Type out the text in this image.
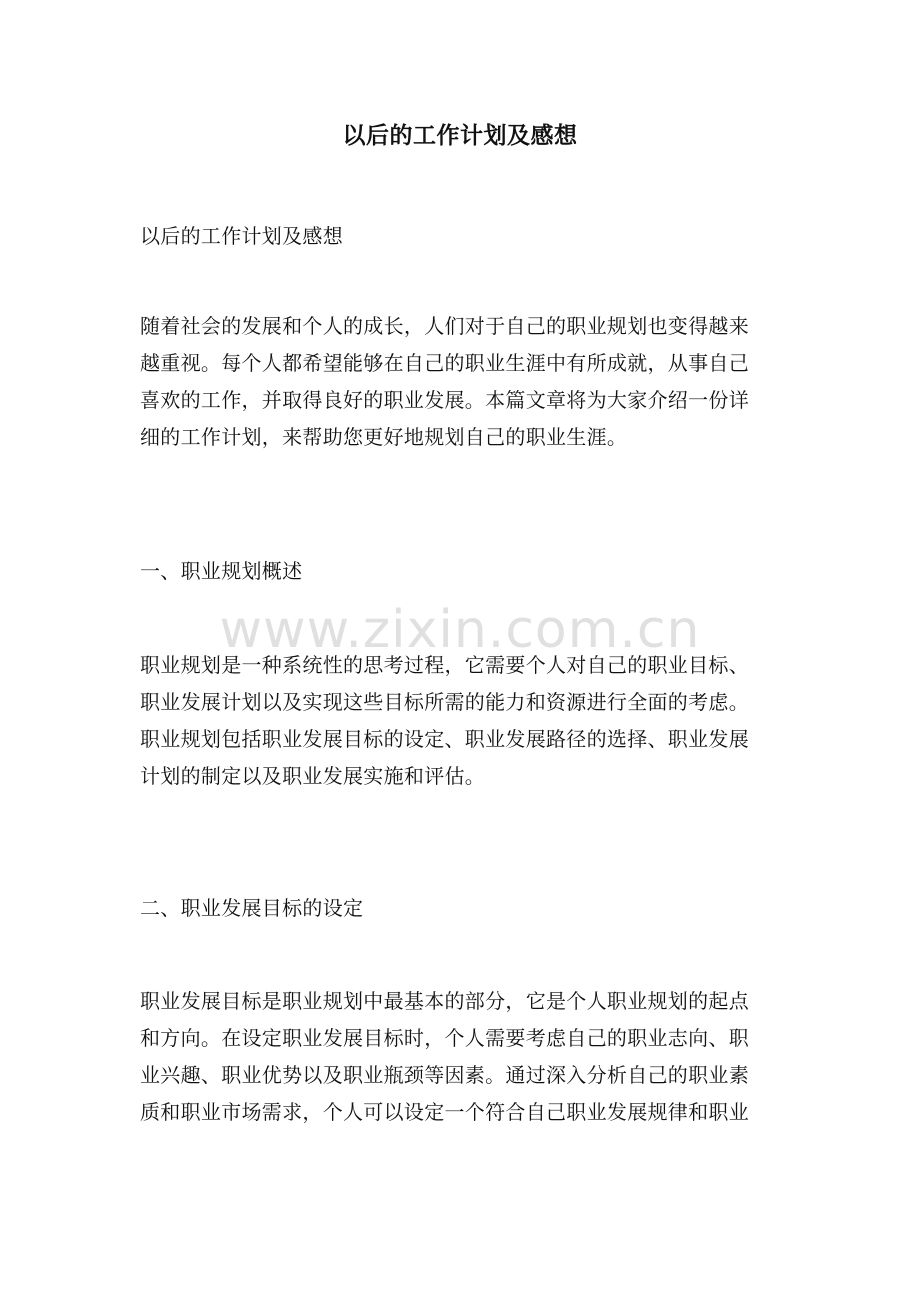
以后的工作计划及感想
以后的工作计划及感想
随着社会的发展和个人的成长，人们对于自己的职业规划也变得越来
越重视。每个人都希望能够在自己的职业生涯中有所成就，从事自己
喜欢的工作，并取得良好的职业发展。本篇文章将为大家介绍一份详
细的工作计划，来帮助您更好地规划自己的职业生涯。
一、职业规划概述
www.zixin.com.cn
职业规划是一种系统性的思考过程，它需要个人对自己的职业目标、
职业发展计划以及实现这些目标所需的能力和资源进行全面的考虑。
职业规划包括职业发展目标的设定、职业发展路径的选择、职业发展
计划的制定以及职业发展实施和评估。
二、职业发展目标的设定
职业发展目标是职业规划中最基本的部分，它是个人职业规划的起点
和方向。在设定职业发展目标时，个人需要考虑自己的职业志向、职
业兴趣、职业优势以及职业瓶颈等因素。通过深入分析自己的职业素
质和职业市场需求，个人可以设定一个符合自己职业发展规律和职业
